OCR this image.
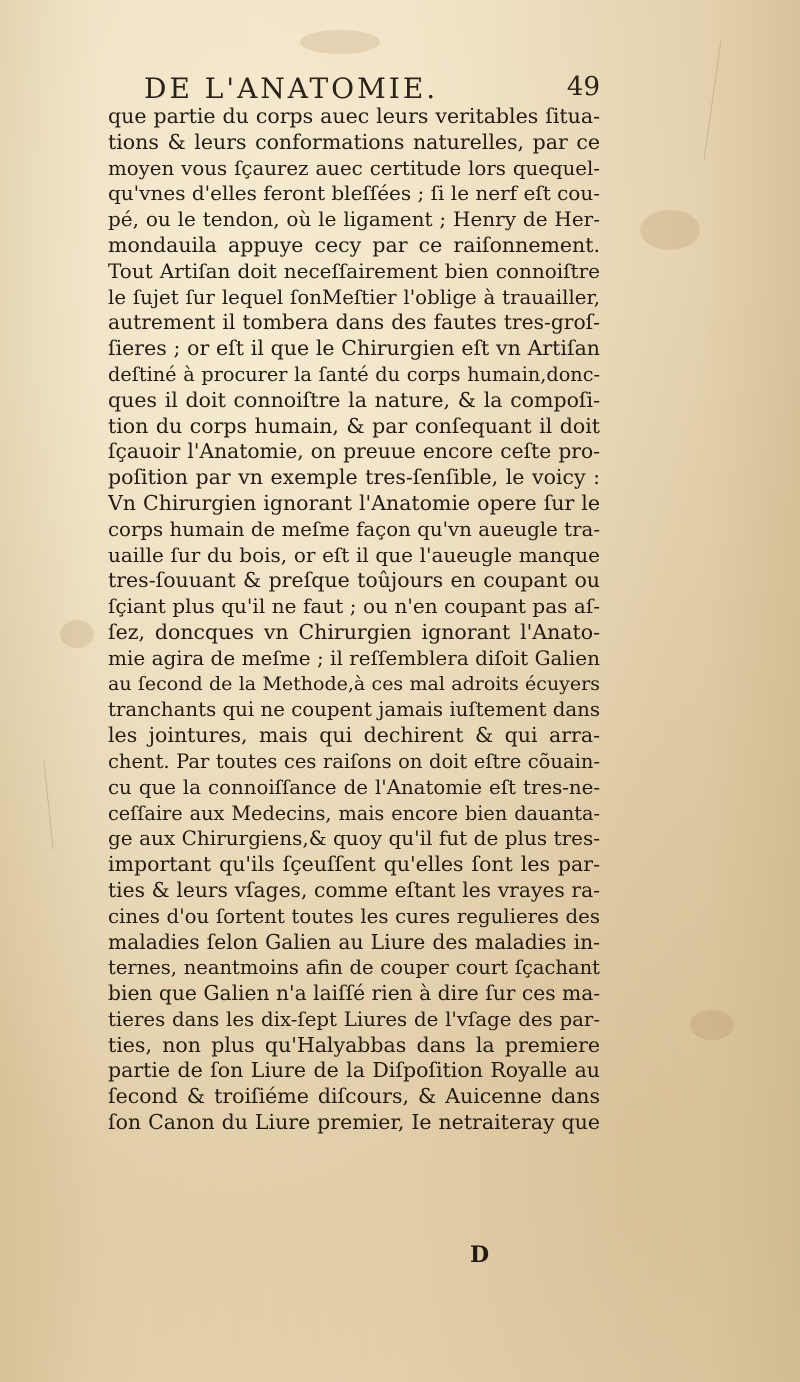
DE L'ANATOMIE.	49
que partie du corps auec leurs veritables ſitua-
tions & leurs conformations naturelles, par ce
moyen vous ſçaurez auec certitude lors quequel-
qu'vnes d'elles feront bleſſées ; ſi le nerf eſt cou-
pé, ou le tendon, où le ligament ; Henry de Her-
mondauila appuye cecy par ce raiſonnement.
Tout Artiſan doit neceſſairement bien connoiſtre
le ſujet ſur lequel ſonMeſtier l'oblige à trauailler,
autrement il tombera dans des fautes tres-groſ-
ſieres ; or eſt il que le Chirurgien eſt vn Artiſan
deſtiné à procurer la ſanté du corps humain,donc-
ques il doit connoiſtre la nature, & la compoſi-
tion du corps humain, & par conſequant il doit
ſçauoir l'Anatomie, on preuue encore ceſte pro-
poſition par vn exemple tres-ſenſible, le voicy :
Vn Chirurgien ignorant l'Anatomie opere ſur le
corps humain de meſme façon qu'vn aueugle tra-
uaille ſur du bois, or eſt il que l'aueugle manque
tres-ſouuant & preſque toûjours en coupant ou
ſçiant plus qu'il ne faut ; ou n'en coupant pas aſ-
ſez, doncques vn Chirurgien ignorant l'Anato-
mie agira de meſme ; il reſſemblera diſoit Galien
au ſecond de la Methode,à ces mal adroits écuyers
tranchants qui ne coupent jamais iuſtement dans
les jointures, mais qui dechirent & qui arra-
chent. Par toutes ces raiſons on doit eſtre cõuain-
cu que la connoiſſance de l'Anatomie eſt tres-ne-
ceſſaire aux Medecins, mais encore bien dauanta-
ge aux Chirurgiens,& quoy qu'il fut de plus tres-
important qu'ils ſçeuſſent qu'elles ſont les par-
ties & leurs vſages, comme eſtant les vrayes ra-
cines d'ou ſortent toutes les cures regulieres des
maladies ſelon Galien au Liure des maladies in-
ternes, neantmoins afin de couper court ſçachant
bien que Galien n'a laiſſé rien à dire ſur ces ma-
tieres dans les dix-ſept Liures de l'vſage des par-
ties, non plus qu'Halyabbas dans la premiere
partie de ſon Liure de la Diſpoſition Royalle au
ſecond & troiſiéme diſcours, & Auicenne dans
ſon Canon du Liure premier, Ie netraiteray que
D
